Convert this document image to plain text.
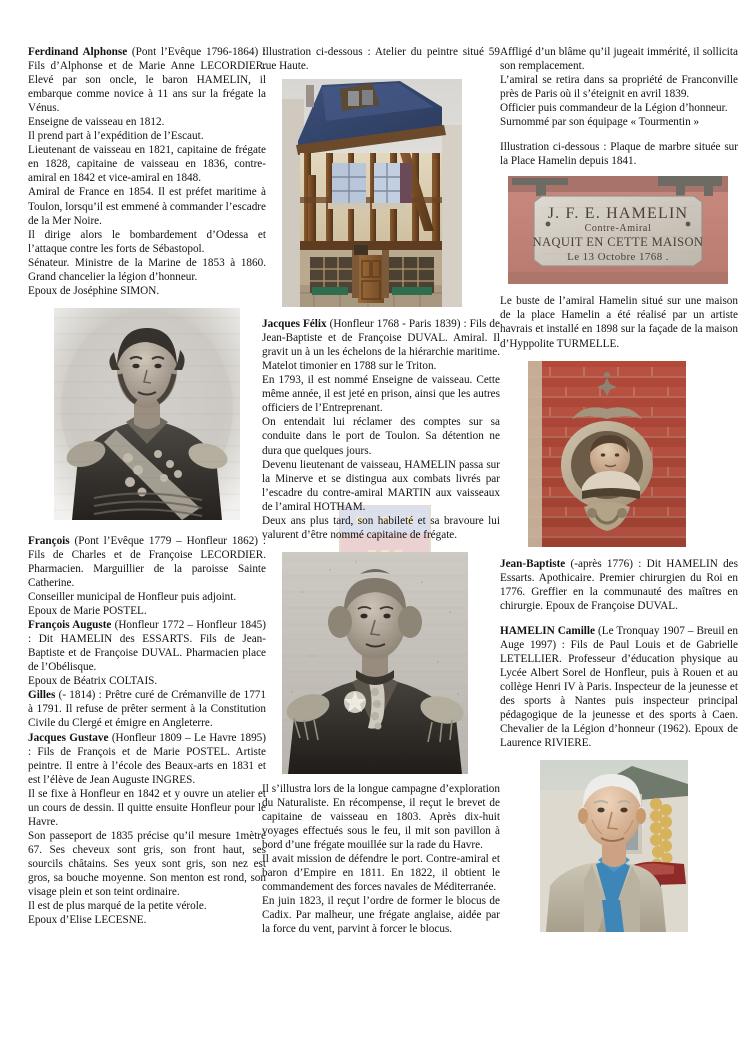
Ferdinand Alphonse (Pont l’Evêque 1796-1864) : Fils d’Alphonse et de Marie Anne LECORDIER. Elevé par son oncle, le baron HAMELIN, il embarque comme novice à 11 ans sur la frégate la Vénus.

Enseigne de vaisseau en 1812.

Il prend part à l’expédition de l’Escaut.

Lieutenant de vaisseau en 1821, capitaine de frégate en 1828, capitaine de vaisseau en 1836, contre-amiral en 1842 et vice-amiral en 1848.

Amiral de France en 1854. Il est préfet maritime à Toulon, lorsqu’il est emmené à commander l’escadre de la Mer Noire.

Il dirige alors le bombardement d’Odessa et l’attaque contre les forts de Sébastopol.

Sénateur. Ministre de la Marine de 1853 à 1860. Grand chancelier la légion d’honneur.

Epoux de Joséphine SIMON.

François (Pont l’Evêque 1779 – Honfleur 1862) : Fils de Charles et de Françoise LECORDIER. Pharmacien. Marguillier de la paroisse Sainte Catherine.

Conseiller municipal de Honfleur puis adjoint.

Epoux de Marie POSTEL.

François Auguste (Honfleur 1772 – Honfleur 1845) : Dit HAMELIN des ESSARTS. Fils de Jean-Baptiste et de Françoise DUVAL. Pharmacien place de l’Obélisque.

Epoux de Béatrix COLTAIS.

Gilles (- 1814) : Prêtre curé de Crémanville de 1771 à 1791. Il refuse de prêter serment à la Constitution Civile du Clergé et émigre en Angleterre.

Jacques Gustave (Honfleur 1809 – Le Havre 1895) : Fils de François et de Marie POSTEL. Artiste peintre. Il entre à l’école des Beaux-arts en 1831 et est l’élève de Jean Auguste INGRES.

Il se fixe à Honfleur en 1842 et y ouvre un atelier et un cours de dessin. Il quitte ensuite Honfleur pour le Havre.

Son passeport de 1835 précise qu’il mesure 1mètre 67. Ses cheveux sont gris, son front haut, ses sourcils châtains. Ses yeux sont gris, son nez est gros, sa bouche moyenne. Son menton est rond, son visage plein et son teint ordinaire.

Il est de plus marqué de la petite vérole.

Epoux d’Elise LECESNE.

Illustration ci-dessous : Atelier du peintre situé 59 rue Haute.

Jacques Félix (Honfleur 1768 - Paris 1839) : Fils de Jean-Baptiste et de Françoise DUVAL. Amiral. Il gravit un à un les échelons de la hiérarchie maritime. Matelot timonier en 1788 sur le Triton.

En 1793, il est nommé Enseigne de vaisseau. Cette même année, il est jeté en prison, ainsi que les autres officiers de l’Entreprenant.

On entendait lui réclamer des comptes sur sa conduite dans le port de Toulon. Sa détention ne dura que quelques jours.

Devenu lieutenant de vaisseau, HAMELIN passa sur la Minerve et se distingua aux combats livrés par l’escadre du contre-amiral MARTIN aux vaisseaux de l’amiral HOTHAM.

Deux ans plus tard, son habileté et sa bravoure lui valurent d’être nommé capitaine de frégate.

Il s’illustra lors de la longue campagne d’exploration du Naturaliste. En récompense, il reçut le brevet de capitaine de vaisseau en 1803. Après dix-huit voyages effectués sous le feu, il mit son pavillon à bord d’une frégate mouillée sur la rade du Havre.

Il avait mission de défendre le port. Contre-amiral et baron d’Empire en 1811. En 1822, il obtient le commandement des forces navales de Méditerranée.

En juin 1823, il reçut l’ordre de former le blocus de Cadix. Par malheur, une frégate anglaise, aidée par la force du vent, parvint à forcer le blocus.

Affligé d’un blâme qu’il jugeait immérité, il sollicita son remplacement.

L’amiral se retira dans sa propriété de Franconville près de Paris où il s’éteignit en avril 1839.

Officier puis commandeur de la Légion d’honneur.

Surnommé par son équipage « Tourmentin »

Illustration ci-dessous : Plaque de marbre située sur la Place Hamelin depuis 1841.

J. F. E. HAMELIN
Contre-Amiral
NAQUIT EN CETTE MAISON
Le 13 Octobre 1768 .

Le buste de l’amiral Hamelin situé sur une maison de la place Hamelin a été réalisé par un artiste havrais et installé en 1898 sur la façade de la maison d’Hyppolite TURMELLE.

Jean-Baptiste (-après 1776) : Dit HAMELIN des Essarts. Apothicaire. Premier chirurgien du Roi en 1776. Greffier en la communauté des maîtres en chirurgie. Epoux de Françoise DUVAL.

HAMELIN Camille (Le Tronquay 1907 – Breuil en Auge 1997) : Fils de Paul Louis et de Gabrielle LETELLIER. Professeur d’éducation physique au Lycée Albert Sorel de Honfleur, puis à Rouen et au collège Henri IV à Paris. Inspecteur de la jeunesse et des sports à Nantes puis inspecteur principal pédagogique de la jeunesse et des sports à Caen. Chevalier de la Légion d’honneur (1962). Epoux de Laurence RIVIERE.
